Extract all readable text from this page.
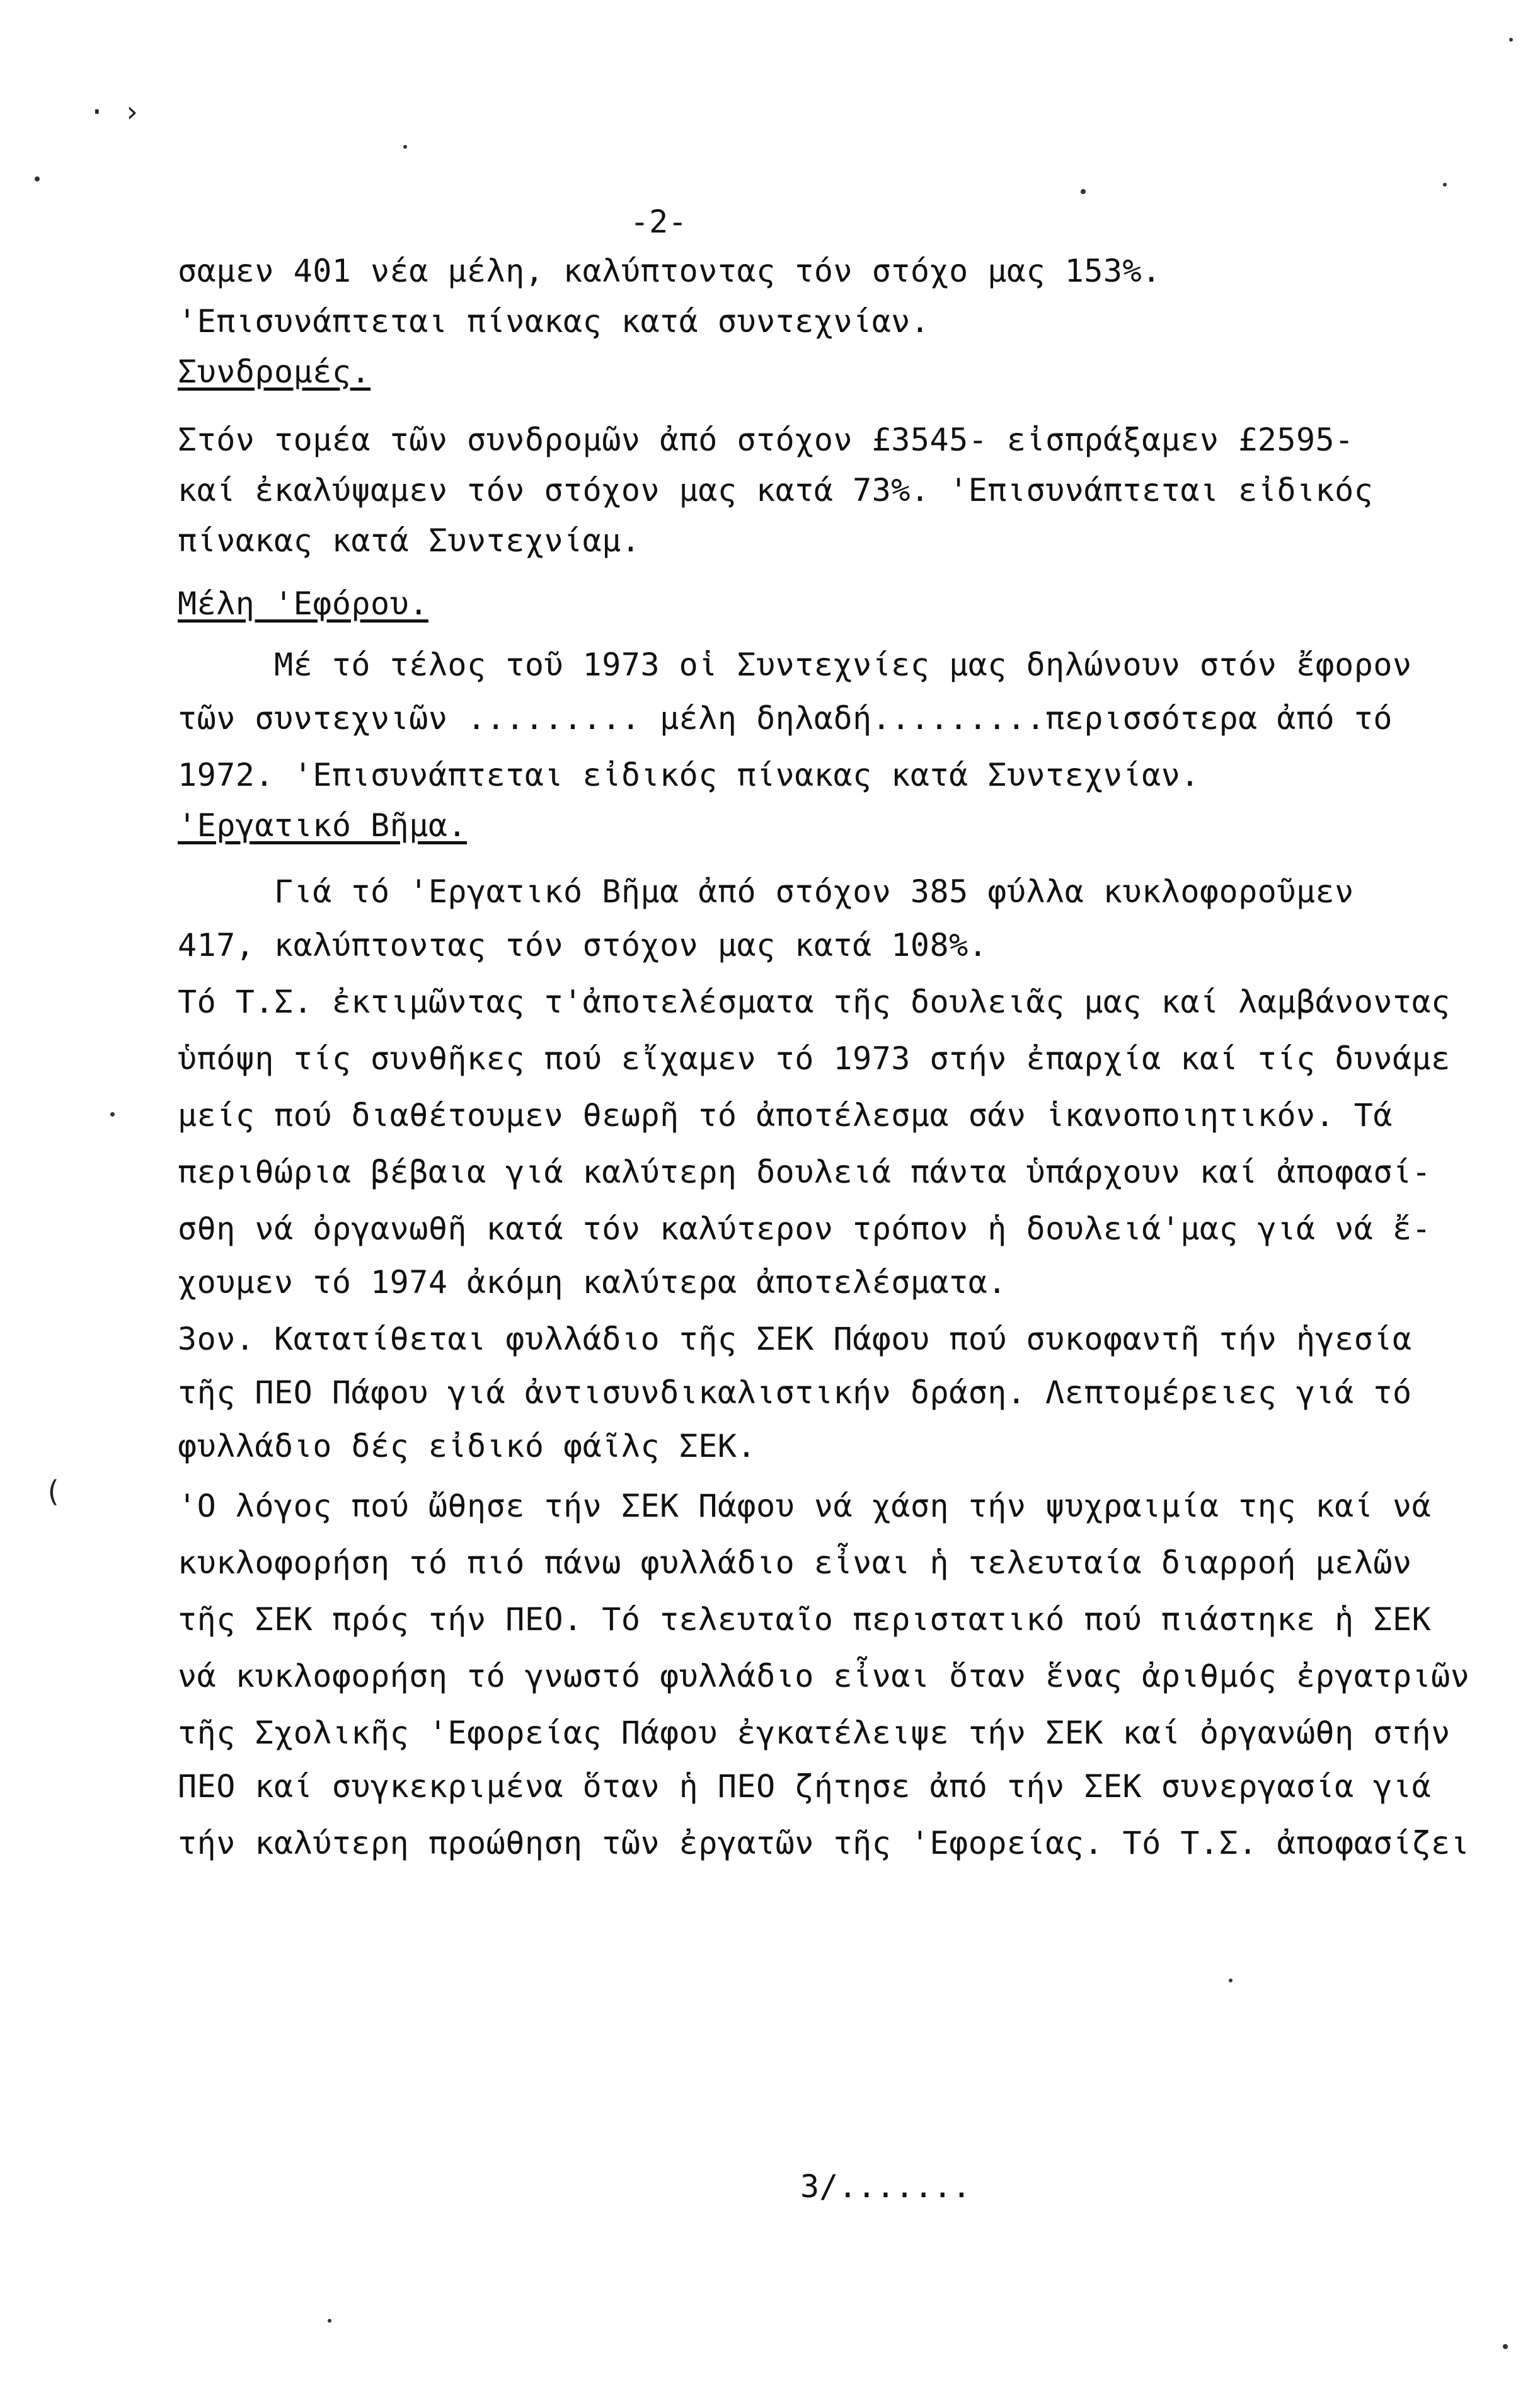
-2-

σαμεν 401 νέα μέλη, καλύπτοντας τόν στόχο μας 153%.

'Επισυνάπτεται πίνακας κατά συντεχνίαν.

Συνδρομές.

Στόν τομέα τῶν συνδρομῶν ἀπό στόχον £3545- εἰσπράξαμεν £2595-

καί ἐκαλύψαμεν τόν στόχον μας κατά 73%. 'Επισυνάπτεται εἰδικός

πίνακας κατά Συντεχνίαμ.

Μέλη 'Εφόρου.

Μέ τό τέλος τοῦ 1973 οἱ Συντεχνίες μας δηλώνουν στόν ἔφορον

τῶν συντεχνιῶν ......... μέλη δηλαδή.........περισσότερα ἀπό τό

1972. 'Επισυνάπτεται εἰδικός πίνακας κατά Συντεχνίαν.

'Εργατικό Βῆμα.

Γιά τό 'Εργατικό Βῆμα ἀπό στόχον 385 φύλλα κυκλοφοροῦμεν

417, καλύπτοντας τόν στόχον μας κατά 108%.

Τό Τ.Σ. ἐκτιμῶντας τ'ἀποτελέσματα τῆς δουλειᾶς μας καί λαμβάνοντας

ὑπόψη τίς συνθῆκες πού εἴχαμεν τό 1973 στήν ἐπαρχία καί τίς δυνάμε

μείς πού διαθέτουμεν θεωρῆ τό ἀποτέλεσμα σάν ἱκανοποιητικόν. Τά

περιθώρια βέβαια γιά καλύτερη δουλειά πάντα ὑπάρχουν καί ἀποφασί-

σθη νά ὀργανωθῆ κατά τόν καλύτερον τρόπον ἡ δουλειά'μας γιά νά ἔ-

χουμεν τό 1974 ἀκόμη καλύτερα ἀποτελέσματα.

3ον. Κατατίθεται φυλλάδιο τῆς ΣΕΚ Πάφου πού συκοφαντῆ τήν ἡγεσία

τῆς ΠΕΟ Πάφου γιά ἀντισυνδικαλιστικήν δράση. Λεπτομέρειες γιά τό

φυλλάδιο δές εἰδικό φάῖλς ΣΕΚ.

'Ο λόγος πού ὤθησε τήν ΣΕΚ Πάφου νά χάση τήν ψυχραιμία της καί νά

κυκλοφορήση τό πιό πάνω φυλλάδιο εἶναι ἡ τελευταία διαρροή μελῶν

τῆς ΣΕΚ πρός τήν ΠΕΟ. Τό τελευταῖο περιστατικό πού πιάστηκε ἡ ΣΕΚ

νά κυκλοφορήση τό γνωστό φυλλάδιο εἶναι ὅταν ἕνας ἀριθμός ἐργατριῶν

τῆς Σχολικῆς 'Εφορείας Πάφου ἐγκατέλειψε τήν ΣΕΚ καί ὀργανώθη στήν

ΠΕΟ καί συγκεκριμένα ὅταν ἡ ΠΕΟ ζήτησε ἀπό τήν ΣΕΚ συνεργασία γιά

τήν καλύτερη προώθηση τῶν ἐργατῶν τῆς 'Εφορείας. Τό Τ.Σ. ἀποφασίζει

3/.......
· ›
(
